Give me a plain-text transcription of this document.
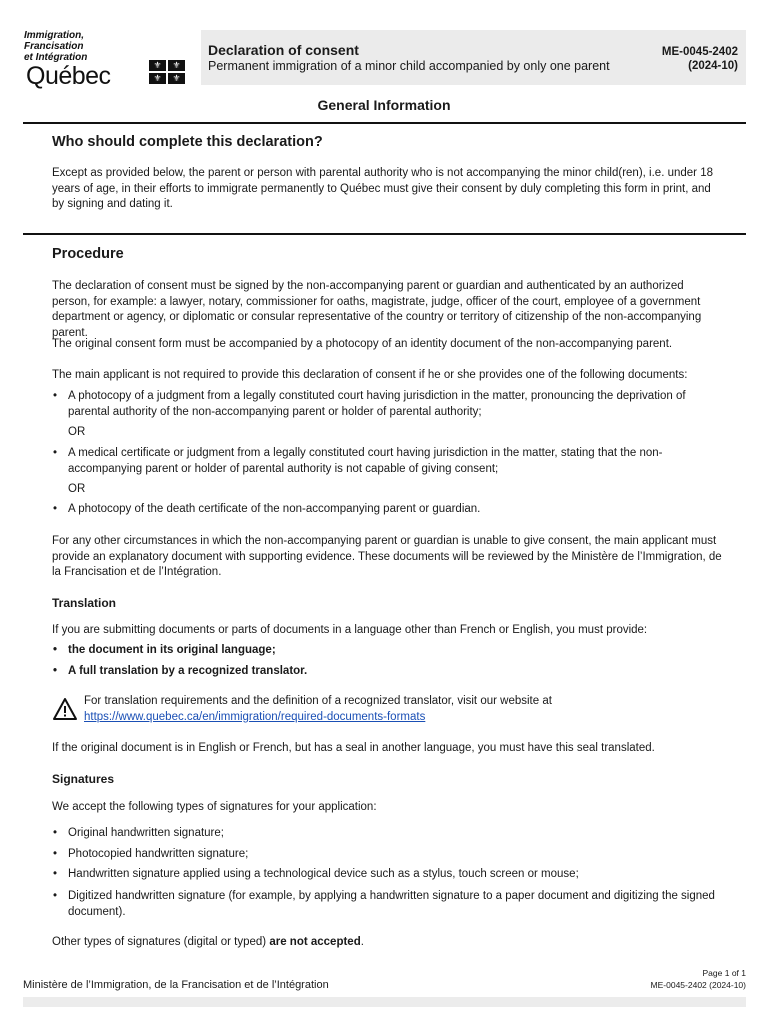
Immigration,
Francisation
et Intégration
Québec	⚜	⚜
⚜	⚜
Declaration of consent
Permanent immigration of a minor child accompanied by only one parent
ME-0045-2402
(2024-10)
General Information
Who should complete this declaration?
Except as provided below, the parent or person with parental authority who is not accompanying the minor child(ren), i.e. under 18 years of age, in their efforts to immigrate permanently to Québec must give their consent by duly completing this form in print, and by signing and dating it.
Procedure
The declaration of consent must be signed by the non-accompanying parent or guardian and authenticated by an authorized person, for example: a lawyer, notary, commissioner for oaths, magistrate, judge, officer of the court, employee of a government department or agency, or diplomatic or consular representative of the country or territory of citizenship of the non-accompanying parent.
The original consent form must be accompanied by a photocopy of an identity document of the non-accompanying parent.
The main applicant is not required to provide this declaration of consent if he or she provides one of the following documents:
• A photocopy of a judgment from a legally constituted court having jurisdiction in the matter, pronouncing the deprivation of parental authority of the non-accompanying parent or holder of parental authority;
OR
• A medical certificate or judgment from a legally constituted court having jurisdiction in the matter, stating that the non-accompanying parent or holder of parental authority is not capable of giving consent;
OR
• A photocopy of the death certificate of the non-accompanying parent or guardian.
For any other circumstances in which the non-accompanying parent or guardian is unable to give consent, the main applicant must provide an explanatory document with supporting evidence. These documents will be reviewed by the Ministère de l’Immigration, de la Francisation et de l’Intégration.
Translation
If you are submitting documents or parts of documents in a language other than French or English, you must provide:
• the document in its original language;
• A full translation by a recognized translator.
For translation requirements and the definition of a recognized translator, visit our website at https://www.quebec.ca/en/immigration/required-documents-formats
If the original document is in English or French, but has a seal in another language, you must have this seal translated.
Signatures
We accept the following types of signatures for your application:
• Original handwritten signature;
• Photocopied handwritten signature;
• Handwritten signature applied using a technological device such as a stylus, touch screen or mouse;
• Digitized handwritten signature (for example, by applying a handwritten signature to a paper document and digitizing the signed document).
Other types of signatures (digital or typed) are not accepted.
Ministère de l’Immigration, de la Francisation et de l’Intégration
Page 1 of 1
ME-0045-2402 (2024-10)
